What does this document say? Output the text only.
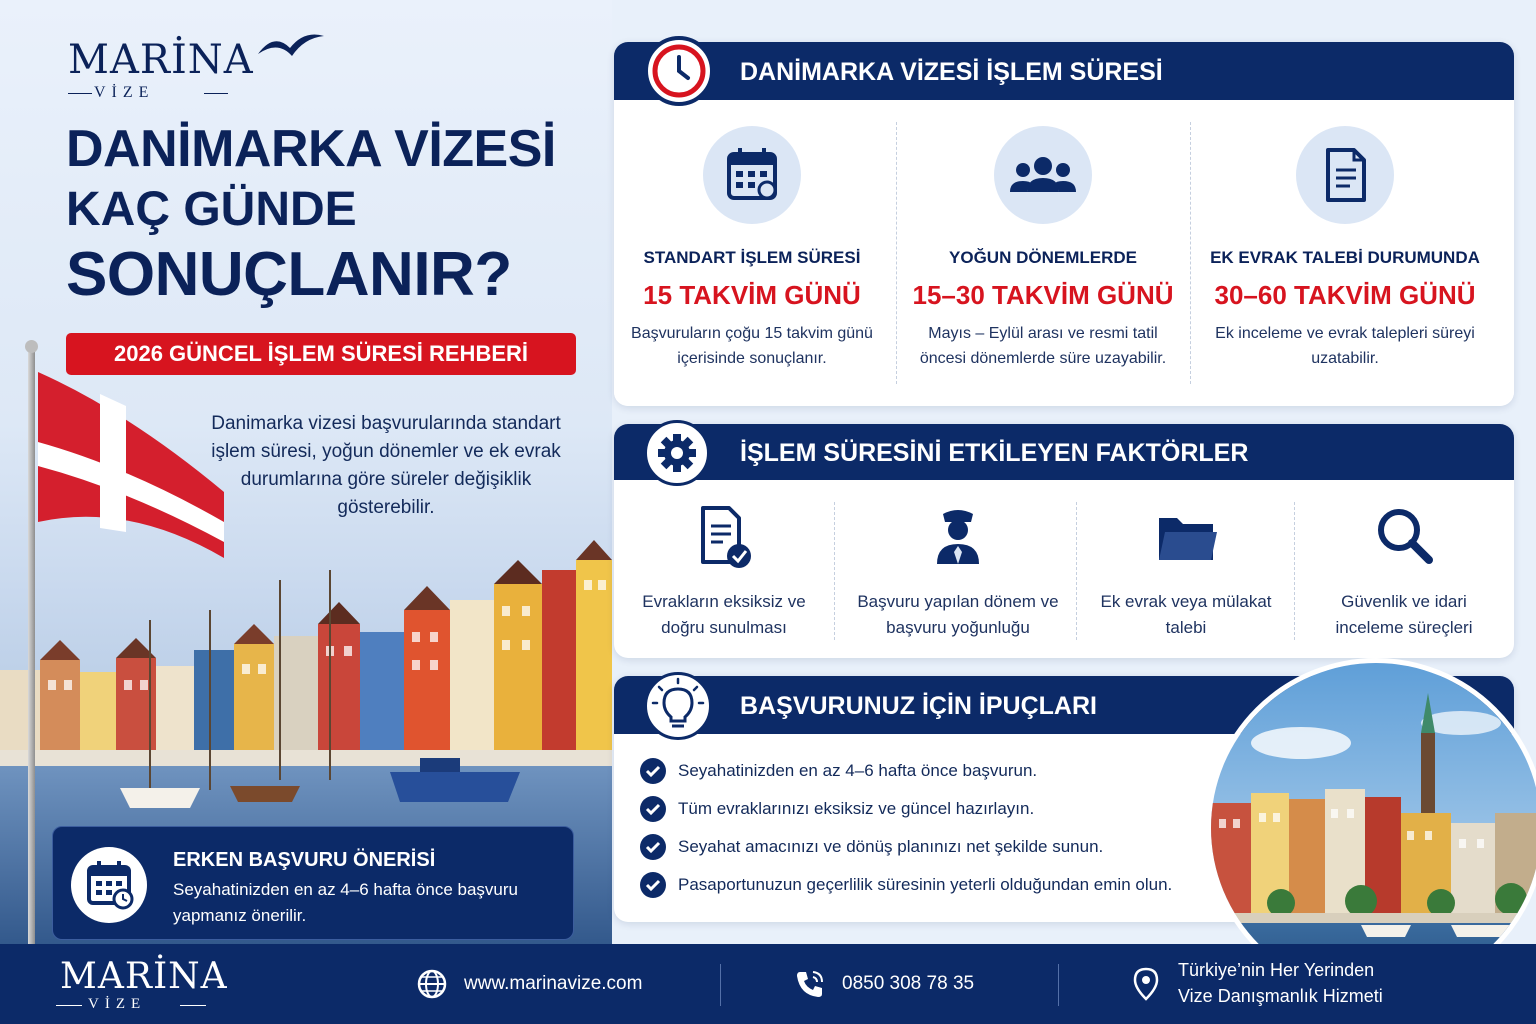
MARİNA
VİZE
DANİMARKA VİZESİ
KAÇ GÜNDE
SONUÇLANIR?
2026 GÜNCEL İŞLEM SÜRESİ REHBERİ
Danimarka vizesi başvurularında standart işlem süresi, yoğun dönemler ve ek evrak durumlarına göre süreler değişiklik gösterebilir.
ERKEN BAŞVURU ÖNERİSİ
Seyahatinizden en az 4–6 hafta önce başvuru yapmanız önerilir.
DANİMARKA VİZESİ İŞLEM SÜRESİ
STANDART İŞLEM SÜRESİ
15 TAKVİM GÜNÜ
Başvuruların çoğu 15 takvim günü içerisinde sonuçlanır.
YOĞUN DÖNEMLERDE
15–30 TAKVİM GÜNÜ
Mayıs – Eylül arası ve resmi tatil öncesi dönemlerde süre uzayabilir.
EK EVRAK TALEBİ DURUMUNDA
30–60 TAKVİM GÜNÜ
Ek inceleme ve evrak talepleri süreyi uzatabilir.
İŞLEM SÜRESİNİ ETKİLEYEN FAKTÖRLER
Evrakların eksiksiz ve doğru sunulması
Başvuru yapılan dönem ve başvuru yoğunluğu
Ek evrak veya mülakat talebi
Güvenlik ve idari inceleme süreçleri
BAŞVURUNUZ İÇİN İPUÇLARI
Seyahatinizden en az 4–6 hafta önce başvurun.
Tüm evraklarınızı eksiksiz ve güncel hazırlayın.
Seyahat amacınızı ve dönüş planınızı net şekilde sunun.
Pasaportunuzun geçerlilik süresinin yeterli olduğundan emin olun.
MARİNA
VİZE
www.marinavize.com	0850 308 78 35
Türkiye’nin Her Yerinden
Vize Danışmanlık Hizmeti
